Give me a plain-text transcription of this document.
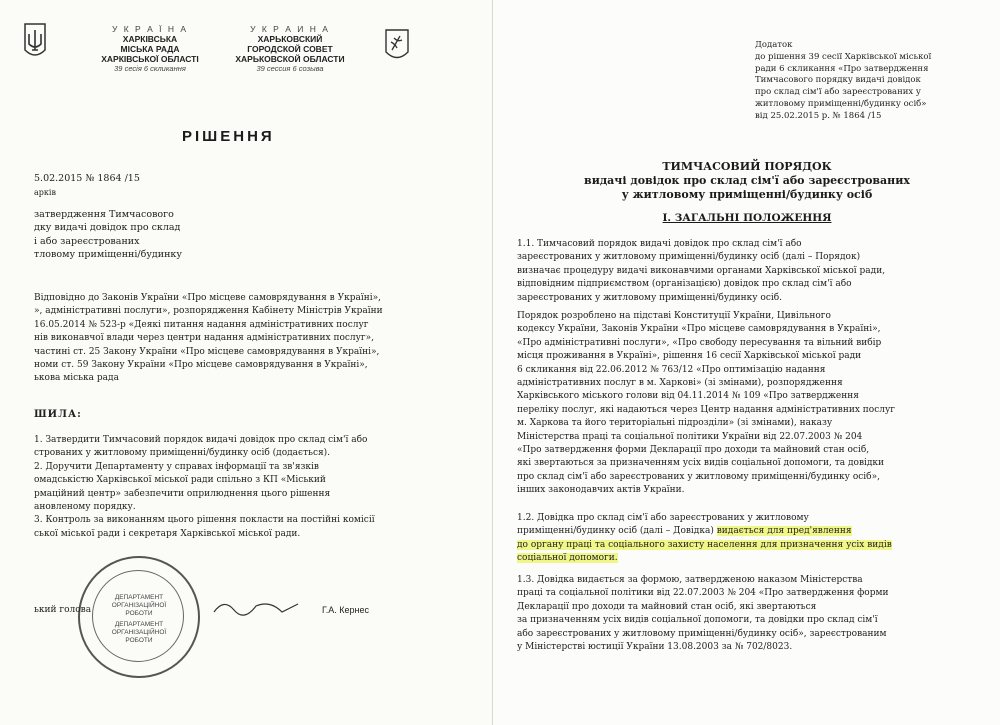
У К Р А Ї Н А
ХАРКІВСЬКА
МІСЬКА РАДА
ХАРКІВСЬКОЇ ОБЛАСТІ
39 сесія 6 скликання
У К Р А И Н А
ХАРЬКОВСКИЙ
ГОРОДСКОЙ СОВЕТ
ХАРЬКОВСКОЙ ОБЛАСТИ
39 сессия 6 созыва
РІШЕННЯ
5.02.2015 № 1864 /15
арків

затвердження Тимчасового

дку видачі довідок про склад

і або зареєстрованих

тловому приміщенні/будинку

Відповідно до Законів України «Про місцеве самоврядування в Україні»,

», адміністративні послуги», розпорядження Кабінету Міністрів України

16.05.2014 № 523-р «Деякі питання надання адміністративних послуг

нів виконавчої влади через центри надання адміністративних послуг»,

частині ст. 25 Закону України «Про місцеве самоврядування в Україні»,

номи ст. 59 Закону України «Про місцеве самоврядування в Україні»,

ькова міська рада

ШИЛА:

1. Затвердити Тимчасовий порядок видачі довідок про склад сім'ї або

строваних у житловому приміщенні/будинку осіб (додається).

2. Доручити Департаменту у справах інформації та зв'язків

омадськістю Харківської міської ради спільно з КП «Міський

рмаційний центр» забезпечити оприлюднення цього рішення

ановленому порядку.

3. Контроль за виконанням цього рішення покласти на постійні комісії

ської міської ради і секретаря Харківської міської ради.

ДЕПАРТАМЕНТ
ОРГАНІЗАЦІЙНОЇ
РОБОТИ
ДЕПАРТАМЕНТ
ОРГАНІЗАЦІЙНОЇ
РОБОТИ
ький голова	Г.А. Кернес

Додаток

до рішення 39 сесії Харківської міської

ради 6 скликання «Про затвердження

Тимчасового порядку видачі довідок

про склад сім'ї або зареєстрованих у

житловому приміщенні/будинку осіб»

від 25.02.2015 р. № 1864 /15

ТИМЧАСОВИЙ ПОРЯДОК
видачі довідок про склад сім'ї або зареєстрованих
у житловому приміщенні/будинку осіб
І. ЗАГАЛЬНІ ПОЛОЖЕННЯ

1.1. Тимчасовий порядок видачі довідок про склад сім'ї або

зареєстрованих у житловому приміщенні/будинку осіб (далі – Порядок)

визначає процедуру видачі виконавчими органами Харківської міської ради,

відповідним підприємством (організацією) довідок про склад сім'ї або

зареєстрованих у житловому приміщенні/будинку осіб.

Порядок розроблено на підставі Конституції України, Цивільного

кодексу України, Законів України «Про місцеве самоврядування в Україні»,

«Про адміністративні послуги», «Про свободу пересування та вільний вибір

місця проживання в Україні», рішення 16 сесії Харківської міської ради

6 скликання від 22.06.2012 № 763/12 «Про оптимізацію надання

адміністративних послуг в м. Харкові» (зі змінами), розпорядження

Харківського міського голови від 04.11.2014 № 109 «Про затвердження

переліку послуг, які надаються через Центр надання адміністративних послуг

м. Харкова та його територіальні підрозділи» (зі змінами), наказу

Міністерства праці та соціальної політики України від 22.07.2003 № 204

«Про затвердження форми Декларації про доходи та майновий стан осіб,

які звертаються за призначенням усіх видів соціальної допомоги, та довідки

про склад сім'ї або зареєстрованих у житловому приміщенні/будинку осіб»,

інших законодавчих актів України.

1.2. Довідка про склад сім'ї або зареєстрованих у житловому

приміщенні/будинку осіб (далі – Довідка) видається для пред'явлення

до органу праці та соціального захисту населення для призначення усіх видів

соціальної допомоги.

1.3. Довідка видається за формою, затвердженою наказом Міністерства

праці та соціальної політики від 22.07.2003 № 204 «Про затвердження форми

Декларації про доходи та майновий стан осіб, які звертаються

за призначенням усіх видів соціальної допомоги, та довідки про склад сім'ї

або зареєстрованих у житловому приміщенні/будинку осіб», зареєстрованим

у Міністерстві юстиції України 13.08.2003 за № 702/8023.
